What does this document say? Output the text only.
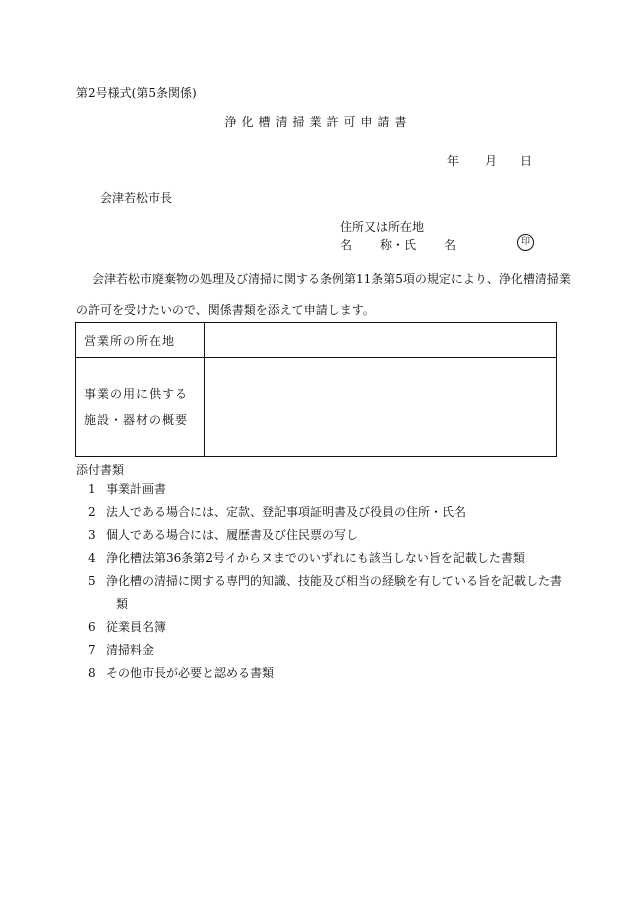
第2号様式(第5条関係)
浄化槽清掃業許可申請書
年 月 日
会津若松市長
住所又は所在地
名 称・氏 名	印
会津若松市廃棄物の処理及び清掃に関する条例第11条第5項の規定により、浄化槽清掃業
の許可を受けたいので、関係書類を添えて申請します。
営業所の所在地	

事業の用に供する
施設・器材の概要	

添付書類
1 事業計画書
2 法人である場合には、定款、登記事項証明書及び役員の住所・氏名
3 個人である場合には、履歴書及び住民票の写し
4 浄化槽法第36条第2号イからヌまでのいずれにも該当しない旨を記載した書類
5 浄化槽の清掃に関する専門的知識、技能及び相当の経験を有している旨を記載した書
類
6 従業員名簿
7 清掃料金
8 その他市長が必要と認める書類
